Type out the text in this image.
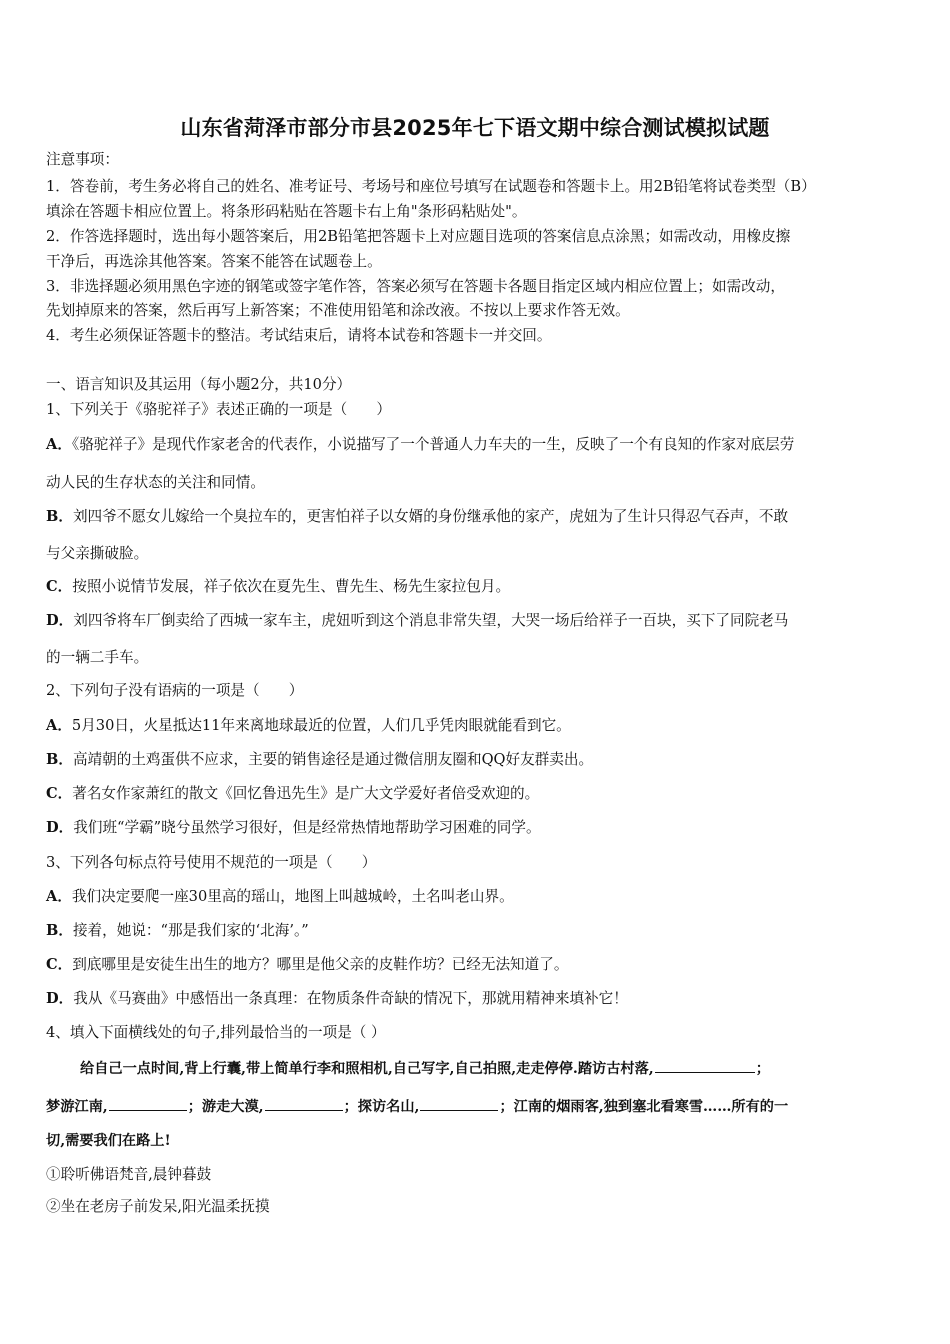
山东省菏泽市部分市县2025年七下语文期中综合测试模拟试题
注意事项：
1．答卷前，考生务必将自己的姓名、准考证号、考场号和座位号填写在试题卷和答题卡上。用2B铅笔将试卷类型（B）
填涂在答题卡相应位置上。将条形码粘贴在答题卡右上角"条形码粘贴处"。
2．作答选择题时，选出每小题答案后，用2B铅笔把答题卡上对应题目选项的答案信息点涂黑；如需改动，用橡皮擦
干净后，再选涂其他答案。答案不能答在试题卷上。
3．非选择题必须用黑色字迹的钢笔或签字笔作答，答案必须写在答题卡各题目指定区域内相应位置上；如需改动，
先划掉原来的答案，然后再写上新答案；不准使用铅笔和涂改液。不按以上要求作答无效。
4．考生必须保证答题卡的整洁。考试结束后，请将本试卷和答题卡一并交回。
一、语言知识及其运用（每小题2分，共10分）
1、下列关于《骆驼祥子》表述正确的一项是（　　）
A．《骆驼祥子》是现代作家老舍的代表作，小说描写了一个普通人力车夫的一生，反映了一个有良知的作家对底层劳
动人民的生存状态的关注和同情。
B．刘四爷不愿女儿嫁给一个臭拉车的，更害怕祥子以女婿的身份继承他的家产，虎妞为了生计只得忍气吞声，不敢
与父亲撕破脸。
C．按照小说情节发展，祥子依次在夏先生、曹先生、杨先生家拉包月。
D．刘四爷将车厂倒卖给了西城一家车主，虎妞听到这个消息非常失望，大哭一场后给祥子一百块，买下了同院老马
的一辆二手车。
2、下列句子没有语病的一项是（　　）
A．5月30日，火星抵达11年来离地球最近的位置，人们几乎凭肉眼就能看到它。
B．高靖朝的土鸡蛋供不应求，主要的销售途径是通过微信朋友圈和QQ好友群卖出。
C．著名女作家萧红的散文《回忆鲁迅先生》是广大文学爱好者倍受欢迎的。
D．我们班“学霸”晓兮虽然学习很好，但是经常热情地帮助学习困难的同学。
3、下列各句标点符号使用不规范的一项是（　　）
A．我们决定要爬一座30里高的瑶山，地图上叫越城岭，土名叫老山界。
B．接着，她说：“那是我们家的‘北海’。”
C．到底哪里是安徒生出生的地方？哪里是他父亲的皮鞋作坊？已经无法知道了。
D．我从《马赛曲》中感悟出一条真理：在物质条件奇缺的情况下，那就用精神来填补它！
4、填入下面横线处的句子,排列最恰当的一项是（ ）
给自己一点时间,背上行囊,带上简单行李和照相机,自己写字,自己拍照,走走停停.踏访古村落,	；
梦游江南,	；游走大漠,	；探访名山,	；江南的烟雨客,独到塞北看寒雪……所有的一
切,需要我们在路上!
①聆听佛语梵音,晨钟暮鼓
②坐在老房子前发呆,阳光温柔抚摸
